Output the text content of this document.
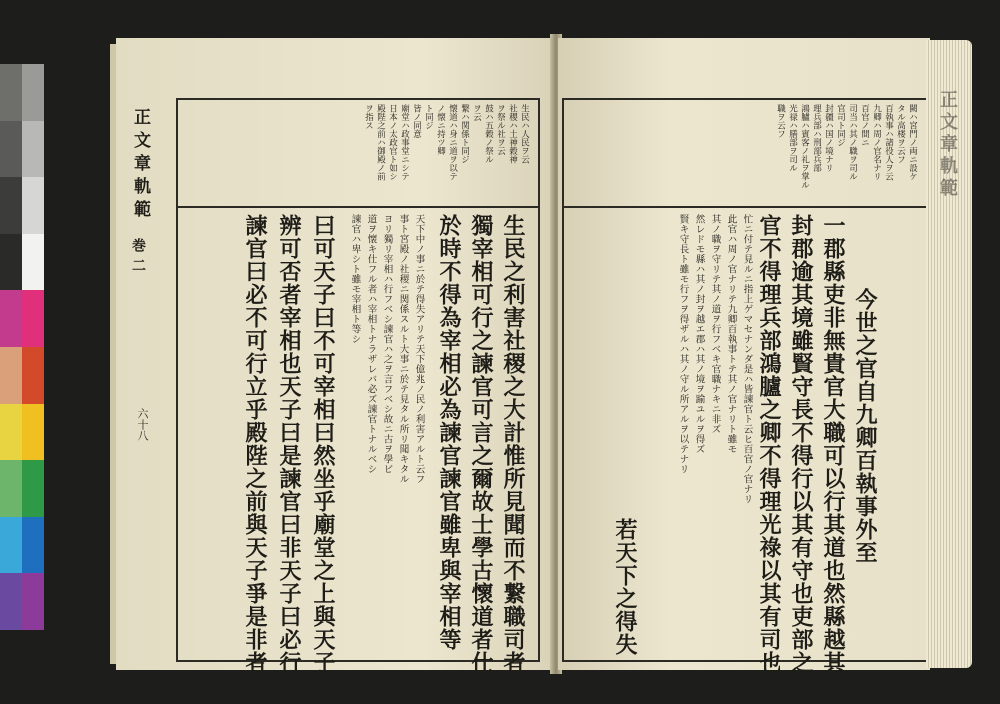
正文章軌範
巻二
六十八
生民ハ人民ヲ云
社稷ハ土神穀神
ヲ祭ル社ヲ云
鼓ハ五穀ノ祭ル
ヲ云
繋ハ関係ト同ジ
懐道ハ身ニ道ヲ以テ
ノ懐ニ持ツ卿
ト同ジ
皆ノ同意
廟堂ハ政事堂ニシテ
日本ノ太政官ト如シ
殿陛之前ハ御殿ノ前
ヲ指ス
生民之利害社稷之大計惟所見聞而不繋職司者
獨宰相可行之諫官可言之爾故士學古懷道者仕
於時不得為宰相必為諫官諫官雖卑與宰相等
天下中ノ事ニ於テ得失アリテ天下億兆ノ民ノ利害アルト云フ
事ト宮殿ノ社稷ニ関係スルト大事ニ於テ見タル所リ聞キタル
ヨリ獨リ宰相ハ行フベシ諫官ハ之ヲ言フベシ故ニ古ヲ學ビ
道ヲ懐キ仕フル者ハ宰相トナラザレバ必ズ諫官トナルベシ
諫官ハ卑シト雖モ宰相ト等シ
曰可天子曰不可宰相曰然坐乎廟堂之上與天子
辨可否者宰相也天子曰是諫官曰非天子曰必行
諫官曰必不可行立乎殿陛之前與天子爭是非者
闕ハ宮門ノ両ニ設ケ
タル高楼ヲ云フ
百執事ハ諸役人ヲ云
九卿ハ周ノ官名ナリ
百官ノ間ニ
司当ハ其ノ職ヲ司ル
官司ト同ジ
封疆ハ国ノ境ナリ
理兵部ハ刑部兵部
鴻臚ハ賓客ノ礼ヲ掌ル
光禄ハ膳部ヲ司ル
職ヲ云フ
今世之官自九卿百執事外至
一郡縣吏非無貴官大職可以行其道也然縣越其
封郡逾其境雖賢守長不得行以其有守也吏部之
官不得理兵部鴻臚之卿不得理光祿以其有司也
忙ニ付テ見ルニ指上ゲマセナンダ是ハ皆諫官ト云ヒ百官ノ官ナリ
此官ハ周ノ官ナリテ九卿百執事トテ其ノ官ナリト雖モ
其ノ職ヲ守リテ其ノ道ヲ行フベキ官職ナキニ非ズ
然レドモ縣ハ其ノ封ヲ越エ郡ハ其ノ境ヲ踰ユルヲ得ズ
賢キ守長ト雖モ行フヲ得ザルハ其ノ守ル所アルヲ以テナリ
若天下之得失
正文章軌範
